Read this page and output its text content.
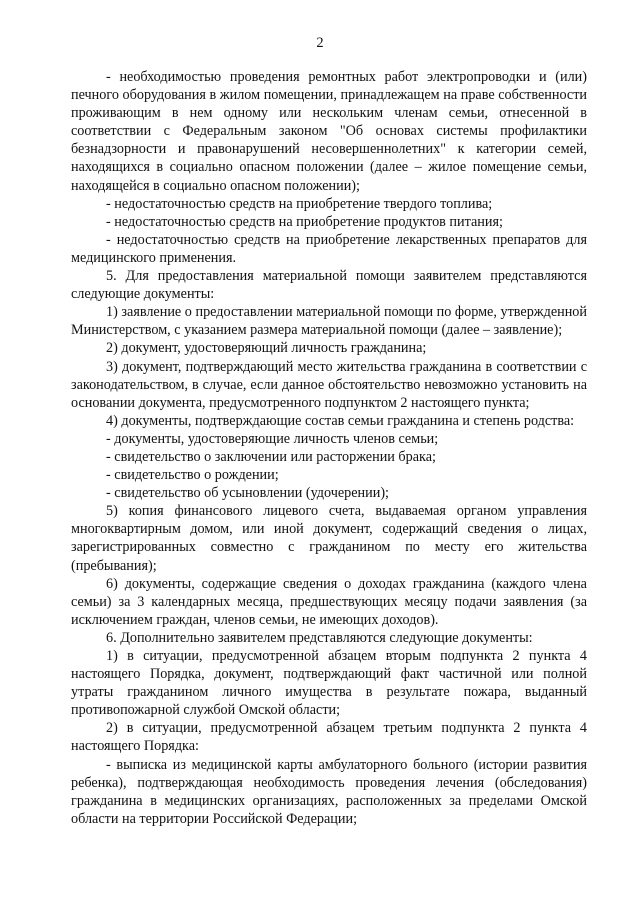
2

- необходимостью проведения ремонтных работ электропроводки и (или) печного оборудования в жилом помещении, принадлежащем на праве собственности проживающим в нем одному или нескольким членам семьи, отнесенной в соответствии с Федеральным законом "Об основах системы профилактики безнадзорности и правонарушений несовершеннолетних" к категории семей, находящихся в социально опасном положении (далее – жилое помещение семьи, находящейся в социально опасном положении);

- недостаточностью средств на приобретение твердого топлива;

- недостаточностью средств на приобретение продуктов питания;

- недостаточностью средств на приобретение лекарственных препаратов для медицинского применения.

5. Для предоставления материальной помощи заявителем представляются следующие документы:

1) заявление о предоставлении материальной помощи по форме, утвержденной Министерством, с указанием размера материальной помощи (далее – заявление);

2) документ, удостоверяющий личность гражданина;

3) документ, подтверждающий место жительства гражданина в соответствии с законодательством, в случае, если данное обстоятельство невозможно установить на основании документа, предусмотренного подпунктом 2 настоящего пункта;

4) документы, подтверждающие состав семьи гражданина и степень родства:

- документы, удостоверяющие личность членов семьи;

- свидетельство о заключении или расторжении брака;

- свидетельство о рождении;

- свидетельство об усыновлении (удочерении);

5) копия финансового лицевого счета, выдаваемая органом управления многоквартирным домом, или иной документ, содержащий сведения о лицах, зарегистрированных совместно с гражданином по месту его жительства (пребывания);

6) документы, содержащие сведения о доходах гражданина (каждого члена семьи) за 3 календарных месяца, предшествующих месяцу подачи заявления (за исключением граждан, членов семьи, не имеющих доходов).

6. Дополнительно заявителем представляются следующие документы:

1) в ситуации, предусмотренной абзацем вторым подпункта 2 пункта 4 настоящего Порядка, документ, подтверждающий факт частичной или полной утраты гражданином личного имущества в результате пожара, выданный противопожарной службой Омской области;

2) в ситуации, предусмотренной абзацем третьим подпункта 2 пункта 4 настоящего Порядка:

- выписка из медицинской карты амбулаторного больного (истории развития ребенка), подтверждающая необходимость проведения лечения (обследования) гражданина в медицинских организациях, расположенных за пределами Омской области на территории Российской Федерации;
